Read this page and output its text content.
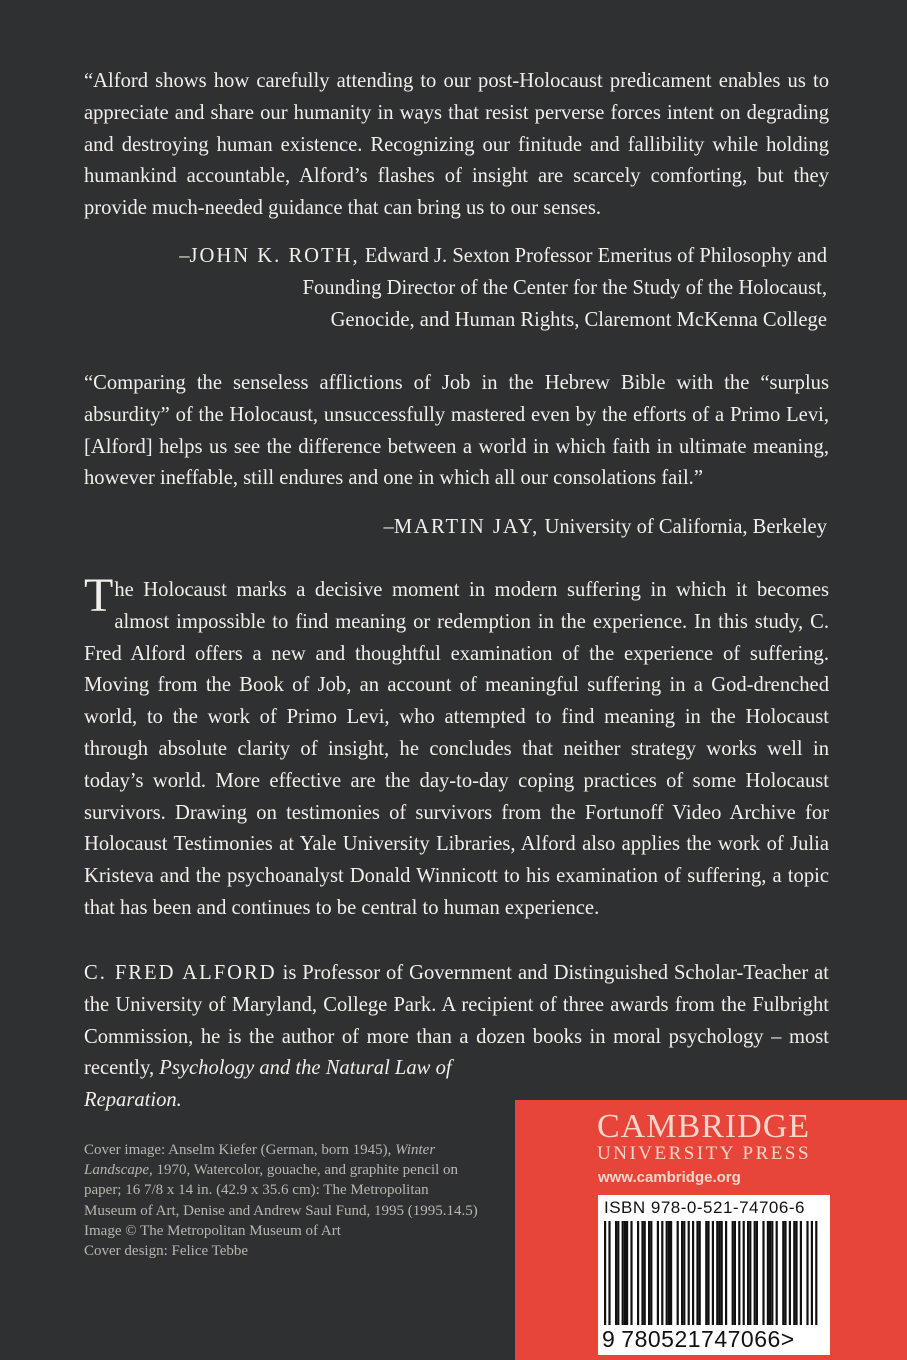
“Alford shows how carefully attending to our post-Holocaust predicament enables us to appreciate and share our humanity in ways that resist perverse forces intent on degrading and destroying human existence. Recognizing our finitude and fallibility while holding humankind accountable, Alford’s flashes of insight are scarcely comforting, but they provide much-needed guidance that can bring us to our senses.

–JOHN K. ROTH, Edward J. Sexton Professor Emeritus of Philosophy and
Founding Director of the Center for the Study of the Holocaust,
Genocide, and Human Rights, Claremont McKenna College

“Comparing the senseless afflictions of Job in the Hebrew Bible with the “surplus absurdity” of the Holocaust, unsuccessfully mastered even by the efforts of a Primo Levi, [Alford] helps us see the difference between a world in which faith in ultimate meaning, however ineffable, still endures and one in which all our consolations fail.”

–MARTIN JAY, University of California, Berkeley

The Holocaust marks a decisive moment in modern suffering in which it becomes almost impossible to find meaning or redemption in the experience. In this study, C. Fred Alford offers a new and thoughtful examination of the experience of suffering. Moving from the Book of Job, an account of meaningful suffering in a God-drenched world, to the work of Primo Levi, who attempted to find meaning in the Holocaust through absolute clarity of insight, he concludes that neither strategy works well in today’s world. More effective are the day-to-day coping practices of some Holocaust survivors. Drawing on testimonies of survivors from the Fortunoff Video Archive for Holocaust Testimonies at Yale University Libraries, Alford also applies the work of Julia Kristeva and the psychoanalyst Donald Winnicott to his examination of suffering, a topic that has been and continues to be central to human experience.

C. FRED ALFORD is Professor of Government and Distinguished Scholar-Teacher at the University of Maryland, College Park. A recipient of three awards from the Fulbright Commission, he is the author of more than a dozen books in moral psychology – most recently, Psychology and the Natural Law of
Reparation.

Cover image: Anselm Kiefer (German, born 1945), Winter Landscape, 1970, Watercolor, gouache, and graphite pencil on paper; 16 7/8 x 14 in. (42.9 x 35.6 cm): The Metropolitan Museum of Art, Denise and Andrew Saul Fund, 1995 (1995.14.5) Image © The Metropolitan Museum of Art
Cover design: Felice Tebbe

CAMBRIDGE
UNIVERSITY PRESS
www.cambridge.org
ISBN 978-0-521-74706-6
9 780521747066>
